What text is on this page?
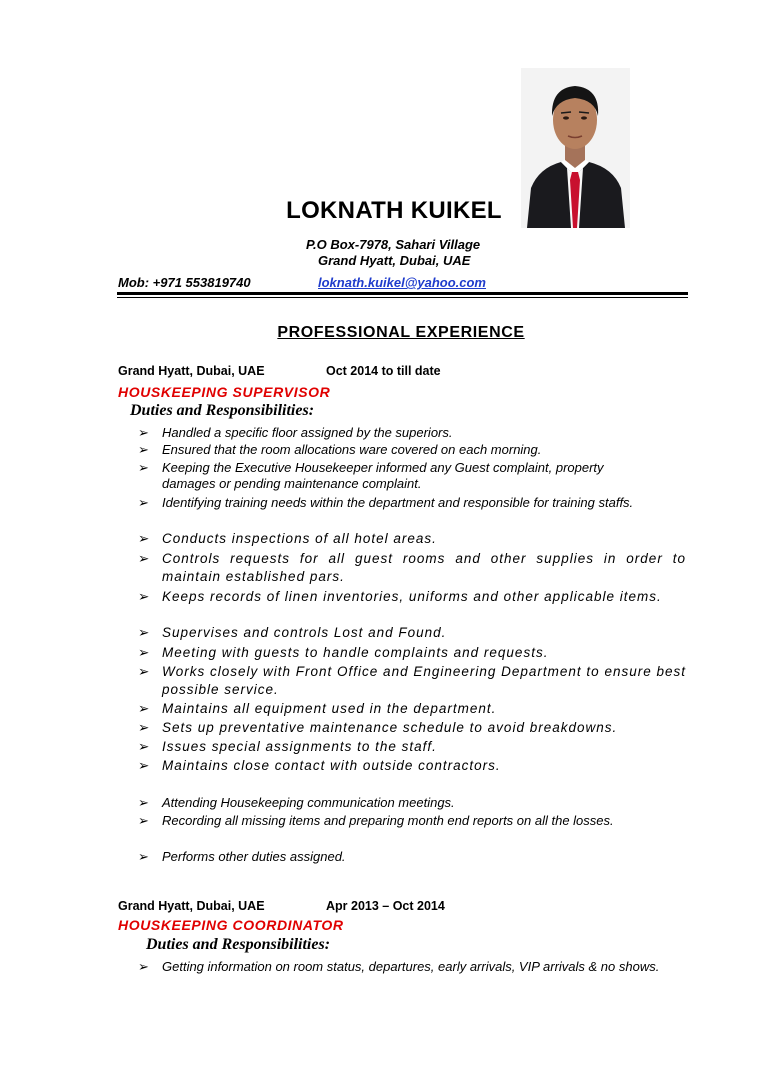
LOKNATH KUIKEL
P.O Box-7978, Sahari Village
Grand Hyatt, Dubai, UAE
Mob: +971 553819740	loknath.kuikel@yahoo.com
PROFESSIONAL EXPERIENCE
Grand Hyatt, Dubai, UAE	Oct 2014 to till date
HOUSKEEPING SUPERVISOR
Duties and Responsibilities:
➢ Handled a specific floor assigned by the superiors.
➢ Ensured that the room allocations ware covered on each morning.
➢ Keeping the Executive Housekeeper informed any Guest complaint, property damages or pending maintenance complaint.
➢ Identifying training needs within the department and responsible for training staffs.
➢ Conducts inspections of all hotel areas.
➢ Controls requests for all guest rooms and other supplies in order to maintain established pars.
➢ Keeps records of linen inventories, uniforms and other applicable items.
➢ Supervises and controls Lost and Found.
➢ Meeting with guests to handle complaints and requests.
➢ Works closely with Front Office and Engineering Department to ensure best possible service.
➢ Maintains all equipment used in the department.
➢ Sets up preventative maintenance schedule to avoid breakdowns.
➢ Issues special assignments to the staff.
➢ Maintains close contact with outside contractors.
➢ Attending Housekeeping communication meetings.
➢ Recording all missing items and preparing month end reports on all the losses.
➢ Performs other duties assigned.
Grand Hyatt, Dubai, UAE	Apr 2013 – Oct 2014
HOUSKEEPING COORDINATOR
Duties and Responsibilities:
➢ Getting information on room status, departures, early arrivals, VIP arrivals & no shows.
